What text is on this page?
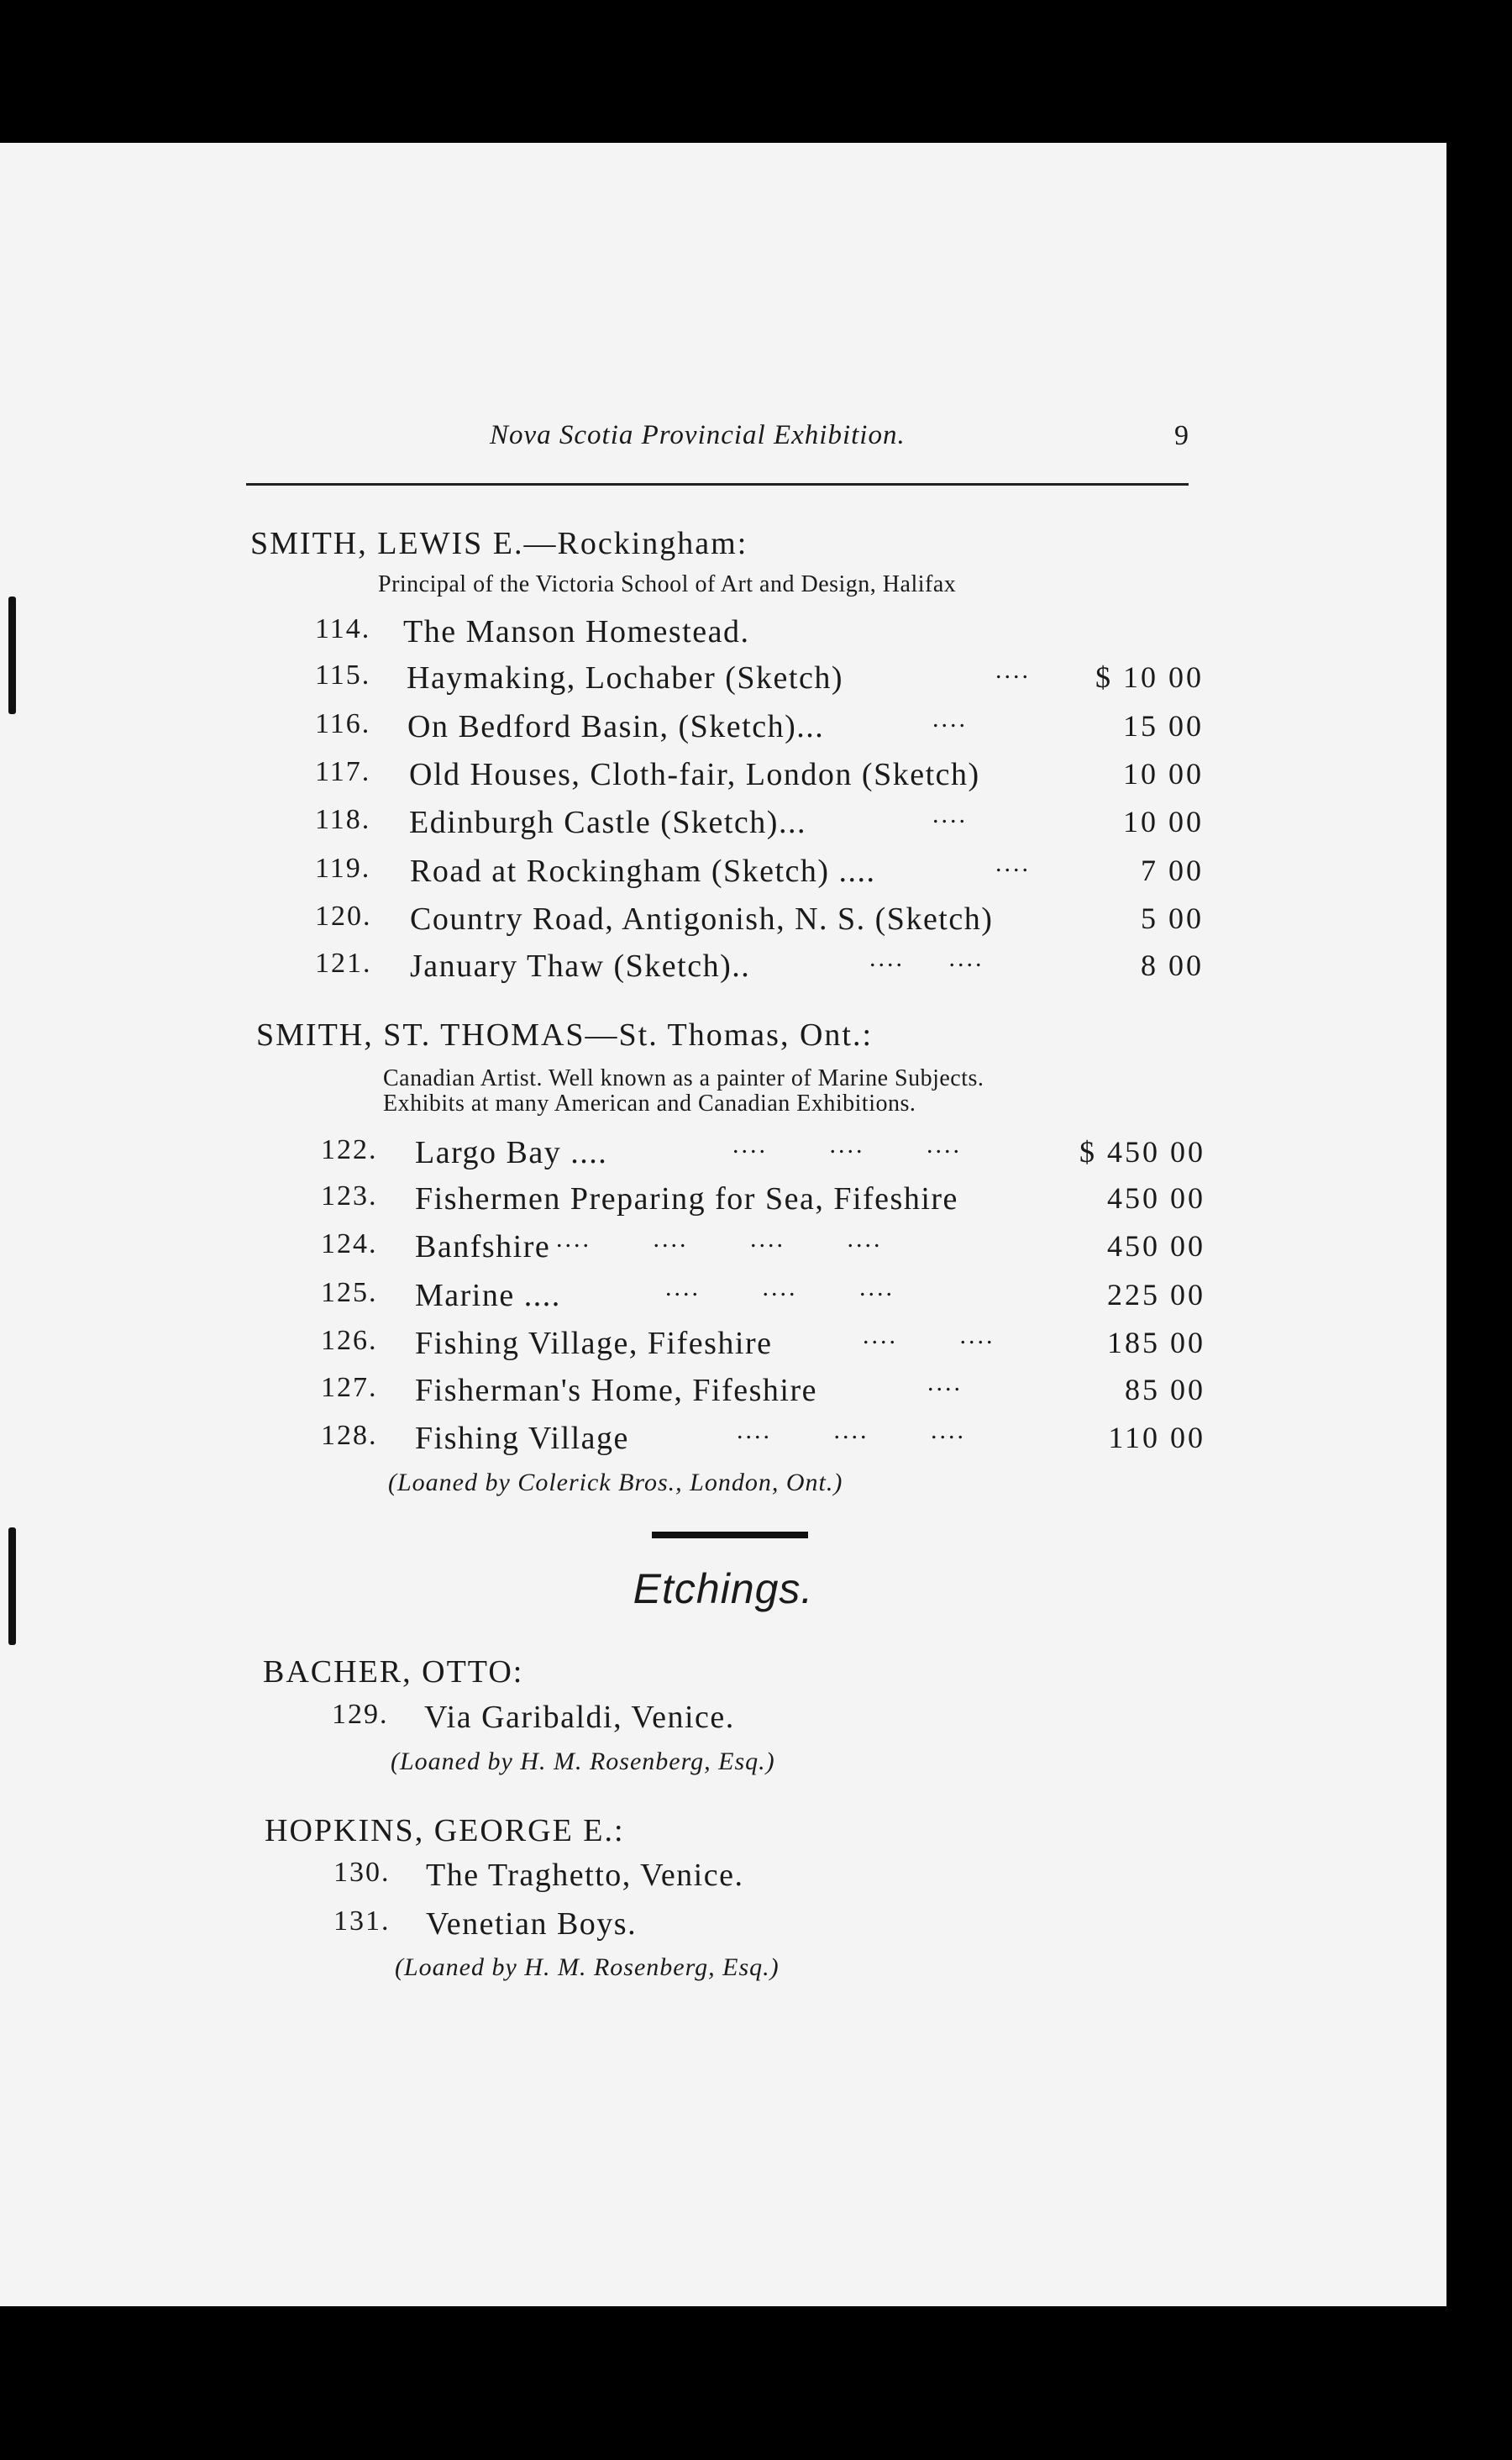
Nova Scotia Provincial Exhibition.	9
SMITH, LEWIS E.—Rockingham:
Principal of the Victoria School of Art and Design, Halifax
114. The Manson Homestead.
115. Haymaking, Lochaber (Sketch)	.... $ 10 00
116. On Bedford Basin, (Sketch)...	....	15 00
117. Old Houses, Cloth-fair, London (Sketch)	10 00
118. Edinburgh Castle (Sketch)...	....	10 00
119. Road at Rockingham (Sketch) ....	....	7 00
120. Country Road, Antigonish, N. S. (Sketch)	5 00
121. January Thaw (Sketch)..	....     ....	8 00
SMITH, ST. THOMAS—St. Thomas, Ont.:
Canadian Artist. Well known as a painter of Marine Subjects.
Exhibits at many American and Canadian Exhibitions.
122. Largo Bay ....	....       ....       ....	$ 450 00
123. Fishermen Preparing for Sea, Fifeshire	450 00
124. Banfshire ....       ....       ....       ....	450 00
125. Marine ....	....       ....       ....	225 00
126. Fishing Village, Fifeshire	....       ....	185 00
127. Fisherman's Home, Fifeshire	....	85 00
128. Fishing Village	....       ....       ....	110 00
(Loaned by Colerick Bros., London, Ont.)
Etchings.
BACHER, OTTO:
129. Via Garibaldi, Venice.
(Loaned by H. M. Rosenberg, Esq.)
HOPKINS, GEORGE E.:
130. The Traghetto, Venice.
131. Venetian Boys.
(Loaned by H. M. Rosenberg, Esq.)
